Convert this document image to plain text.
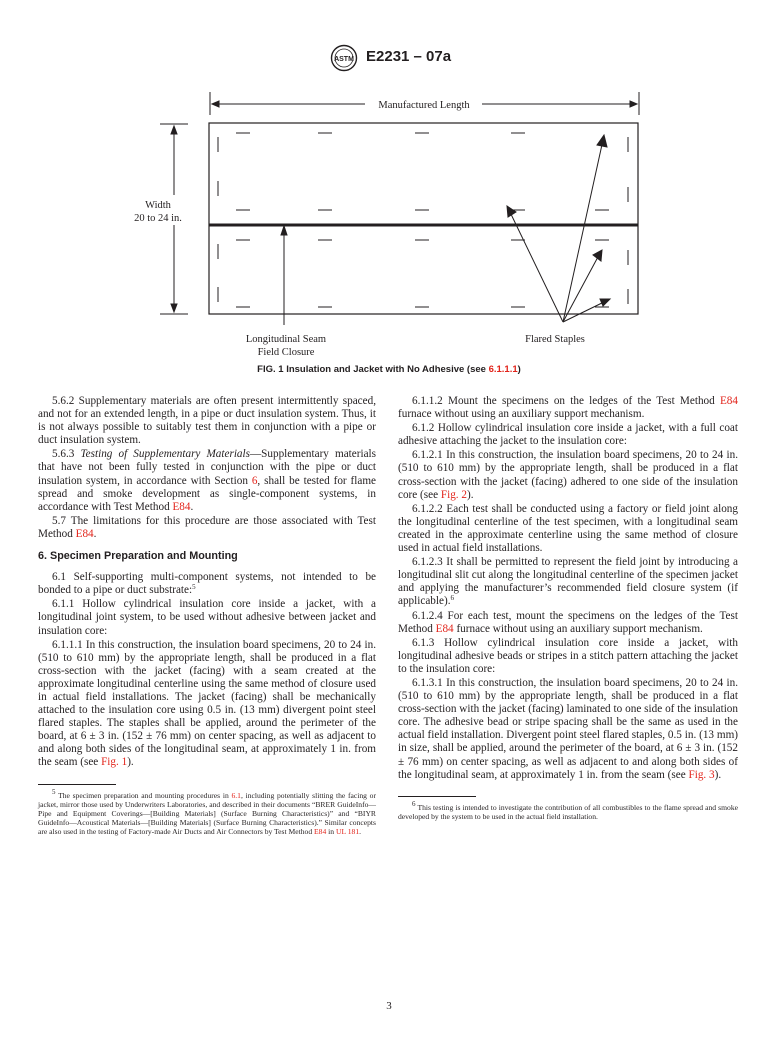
ASTM E2231 – 07a
Manufactured Length
Width
20 to 24 in.
Longitudinal Seam
Field Closure
Flared Staples
FIG. 1 Insulation and Jacket with No Adhesive (see 6.1.1.1)

5.6.2 Supplementary materials are often present intermittently spaced, and not for an extended length, in a pipe or duct insulation system. Thus, it is not always possible to suitably test them in conjunction with a pipe or duct insulation system.

5.6.3 Testing of Supplementary Materials—Supplementary materials that have not been fully tested in conjunction with the pipe or duct insulation system, in accordance with Section 6, shall be tested for flame spread and smoke development as single-component systems, in accordance with Test Method E84.

5.7 The limitations for this procedure are those associated with Test Method E84.

6. Specimen Preparation and Mounting

6.1 Self-supporting multi-component systems, not intended to be bonded to a pipe or duct substrate:$^5$

6.1.1 Hollow cylindrical insulation core inside a jacket, with a longitudinal joint system, to be used without adhesive between jacket and insulation core:

6.1.1.1 In this construction, the insulation board specimens, 20 to 24 in. (510 to 610 mm) by the appropriate length, shall be produced in a flat cross-section with the jacket (facing) with a seam created at the approximate longitudinal centerline using the same method of closure used in actual field installations. The jacket (facing) shall be mechanically attached to the insulation core using 0.5 in. (13 mm) divergent point steel flared staples. The staples shall be applied, around the perimeter of the board, at 6 ± 3 in. (152 ± 76 mm) on center spacing, as well as adjacent to and along both sides of the longitudinal seam, at approximately 1 in. from the seam (see Fig. 1).

$^5$ The specimen preparation and mounting procedures in 6.1, including potentially slitting the facing or jacket, mirror those used by Underwriters Laboratories, and described in their documents “BRER GuideInfo—Pipe and Equipment Coverings—[Building Materials] (Surface Burning Characteristics)” and “BIYR GuideInfo—Acoustical Materials—[Building Materials] (Surface Burning Characteristics).” Similar concepts are also used in the testing of Factory-made Air Ducts and Air Connectors by Test Method E84 in UL 181.

6.1.1.2 Mount the specimens on the ledges of the Test Method E84 furnace without using an auxiliary support mechanism.

6.1.2 Hollow cylindrical insulation core inside a jacket, with a full coat adhesive attaching the jacket to the insulation core:

6.1.2.1 In this construction, the insulation board specimens, 20 to 24 in. (510 to 610 mm) by the appropriate length, shall be produced in a flat cross-section with the jacket (facing) adhered to one side of the insulation core (see Fig. 2).

6.1.2.2 Each test shall be conducted using a factory or field joint along the longitudinal centerline of the test specimen, with a longitudinal seam created in the approximate centerline using the same method of closure used in actual field installations.

6.1.2.3 It shall be permitted to represent the field joint by introducing a longitudinal slit cut along the longitudinal centerline of the specimen jacket and applying the manufacturer’s recommended field closure system (if applicable).$^6$

6.1.2.4 For each test, mount the specimens on the ledges of the Test Method E84 furnace without using an auxiliary support mechanism.

6.1.3 Hollow cylindrical insulation core inside a jacket, with longitudinal adhesive beads or stripes in a stitch pattern attaching the jacket to the insulation core:

6.1.3.1 In this construction, the insulation board specimens, 20 to 24 in. (510 to 610 mm) by the appropriate length, shall be produced in a flat cross-section with the jacket (facing) laminated to one side of the insulation core. The adhesive bead or stripe spacing shall be the same as used in the actual field installation. Divergent point steel flared staples, 0.5 in. (13 mm) in size, shall be applied, around the perimeter of the board, at 6 ± 3 in. (152 ± 76 mm) on center spacing, as well as adjacent to and along both sides of the longitudinal seam, at approximately 1 in. from the seam (see Fig. 3).

$^6$ This testing is intended to investigate the contribution of all combustibles to the flame spread and smoke developed by the system to be used in the actual field installation.

3
